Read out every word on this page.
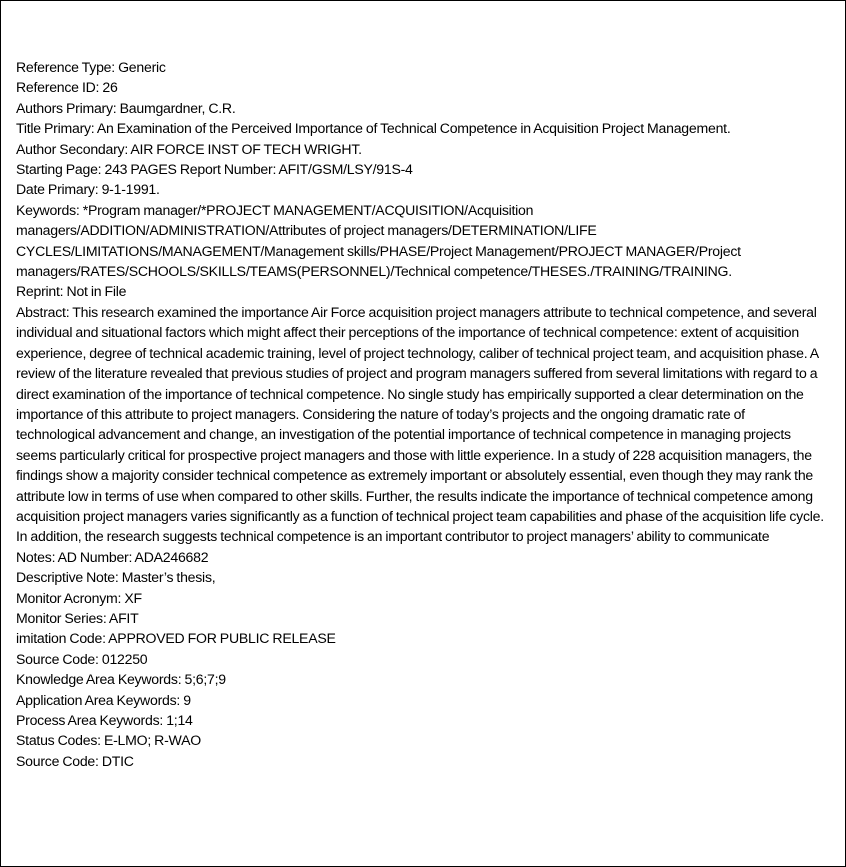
Reference Type: Generic

Reference ID: 26

Authors Primary: Baumgardner, C.R.

Title Primary: An Examination of the Perceived Importance of Technical Competence in Acquisition Project Management.

Author Secondary: AIR FORCE INST OF TECH WRIGHT.

Starting Page: 243 PAGES Report Number: AFIT/GSM/LSY/91S-4

Date Primary: 9-1-1991.

Keywords: *Program manager/*PROJECT MANAGEMENT/ACQUISITION/Acquisition managers/ADDITION/ADMINISTRATION/Attributes of project managers/DETERMINATION/LIFE CYCLES/LIMITATIONS/MANAGEMENT/Management skills/PHASE/Project Management/PROJECT MANAGER/Project managers/RATES/SCHOOLS/SKILLS/TEAMS(PERSONNEL)/Technical competence/THESES./TRAINING/TRAINING.

Reprint: Not in File

Abstract: This research examined the importance Air Force acquisition project managers attribute to technical competence, and several individual and situational factors which might affect their perceptions of the importance of technical competence: extent of acquisition experience, degree of technical academic training, level of project technology, caliber of technical project team, and acquisition phase. A review of the literature revealed that previous studies of project and program managers suffered from several limitations with regard to a direct examination of the importance of technical competence. No single study has empirically supported a clear determination on the importance of this attribute to project managers. Considering the nature of today’s projects and the ongoing dramatic rate of technological advancement and change, an investigation of the potential importance of technical competence in managing projects seems particularly critical for prospective project managers and those with little experience. In a study of 228 acquisition managers, the findings show a majority consider technical competence as extremely important or absolutely essential, even though they may rank the attribute low in terms of use when compared to other skills. Further, the results indicate the importance of technical competence among acquisition project managers varies significantly as a function of technical project team capabilities and phase of the acquisition life cycle. In addition, the research suggests technical competence is an important contributor to project managers’ ability to communicate

Notes: AD Number: ADA246682

Descriptive Note: Master’s thesis,

Monitor Acronym: XF

Monitor Series: AFIT

imitation Code: APPROVED FOR PUBLIC RELEASE

Source Code: 012250

Knowledge Area Keywords: 5;6;7;9

Application Area Keywords: 9

Process Area Keywords: 1;14

Status Codes: E-LMO; R-WAO

Source Code: DTIC
